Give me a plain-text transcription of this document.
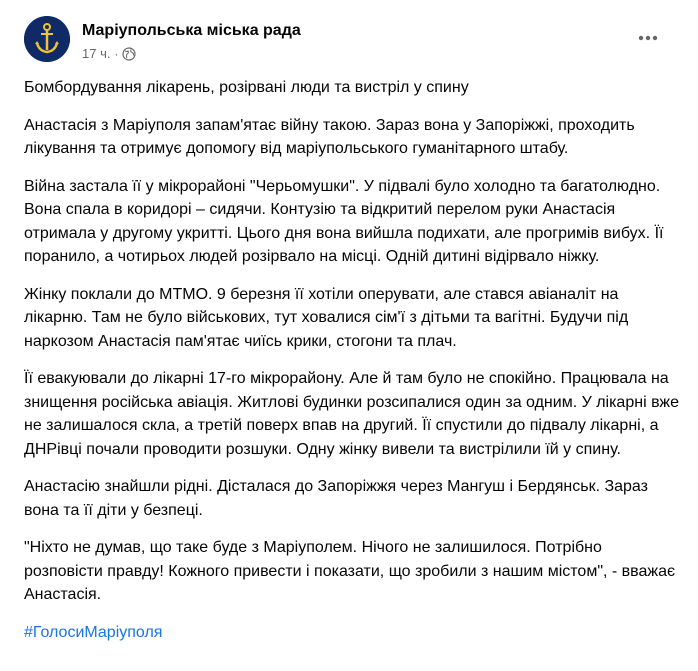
Маріупольська міська рада
17 ч. ·

Бомбордування лікарень, розірвані люди та вистріл у спину

Анастасія з Маріуполя запам'ятає війну такою. Зараз вона у Запоріжжі, проходить лікування та отримує допомогу від маріупольського гуманітарного штабу.

Війна застала її у мікрорайоні "Черьомушки". У підвалі було холодно та багатолюдно. Вона спала в коридорі – сидячи. Контузію та відкритий перелом руки Анастасія отримала у другому укритті. Цього дня вона вийшла подихати, але прогримів вибух. Її поранило, а чотирьох людей розірвало на місці. Одній дитині відірвало ніжку.

Жінку поклали до МТМО. 9 березня її хотіли оперувати, але стався авіаналіт на лікарню. Там не було військових, тут ховалися сім'ї з дітьми та вагітні. Будучи під наркозом Анастасія пам'ятає чиїсь крики, стогони та плач.

Її евакуювали до лікарні 17-го мікрорайону. Але й там було не спокійно. Працювала на знищення російська авіація. Житлові будинки розсипалися один за одним. У лікарні вже не залишалося скла, а третій поверх впав на другий. Її спустили до підвалу лікарні, а ДНРівці почали проводити розшуки. Одну жінку вивели та вистрілили їй у спину.

Анастасію знайшли рідні. Дісталася до Запоріжжя через Мангуш і Бердянськ. Зараз вона та її діти у безпеці.

"Ніхто не думав, що таке буде з Маріуполем. Нічого не залишилося. Потрібно розповісти правду! Кожного привести і показати, що зробили з нашим містом", - вважає Анастасія.

#ГолосиМаріуполя
